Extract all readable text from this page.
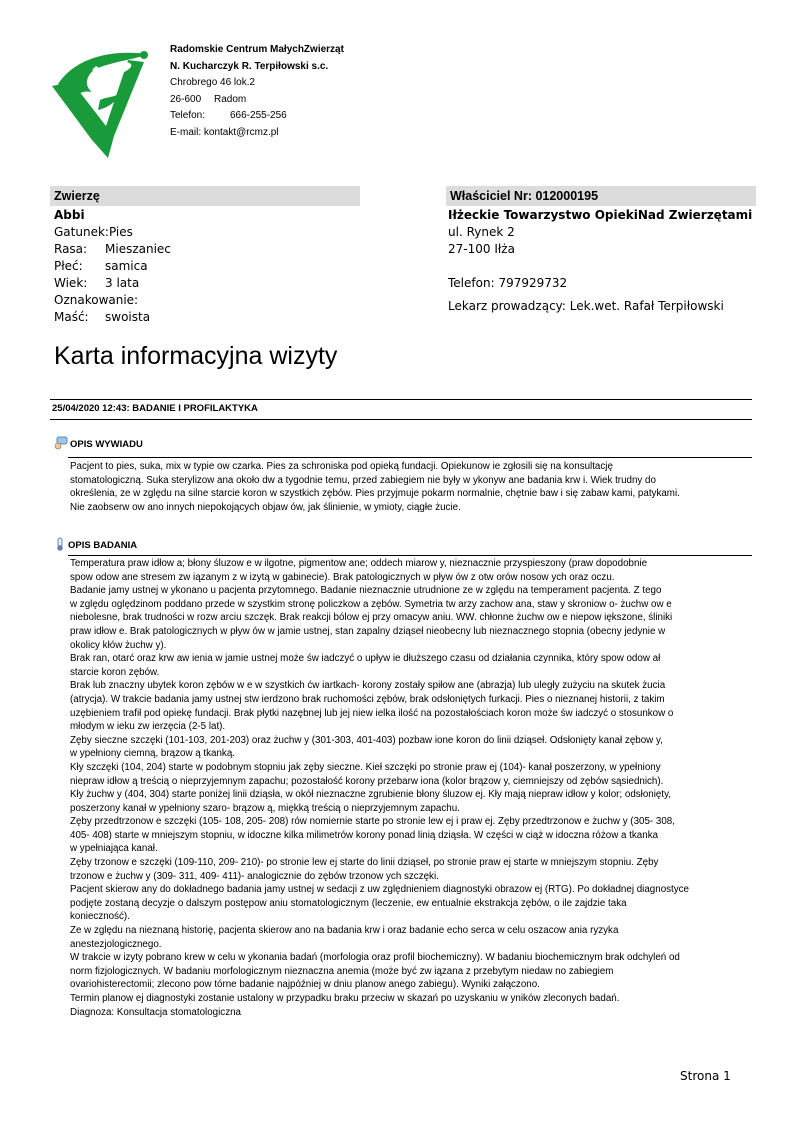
Radomskie Centrum MałychZwierząt
N. Kucharczyk R. Terpiłowski s.c.
Chrobrego 46 lok.2
26-600 Radom
Telefon: 666-255-256
E-mail: kontakt@rcmz.pl
Zwierzę	Właściciel Nr: 012000195
Abbi
Gatunek:Pies
Rasa: Mieszaniec
Płeć: samica
Wiek: 3 lata
Oznakowanie:
Maść: swoista
Iłżeckie Towarzystwo OpiekiNad Zwierzętami
ul. Rynek 2
27-100 Iłża
Telefon: 797929732
Lekarz prowadzący: Lek.wet. Rafał Terpiłowski
Karta informacyjna wizyty
25/04/2020 12:43: BADANIE I PROFILAKTYKA
OPIS WYWIADU
Pacjent to pies, suka, mix w typie ow czarka. Pies za schroniska pod opieką fundacji. Opiekunow ie zgłosili się na konsultację
stomatologiczną. Suka sterylizow ana około dw a tygodnie temu, przed zabiegiem nie były w ykonyw ane badania krw i. Wiek trudny do
określenia, ze w zględu na silne starcie koron w szystkich zębów. Pies przyjmuje pokarm normalnie, chętnie baw i się zabaw kami, patykami.
Nie zaobserw ow ano innych niepokojących objaw ów, jak ślinienie, w ymioty, ciągłe żucie.
OPIS BADANIA
Temperatura praw idłow a; błony śluzow e w ilgotne, pigmentow ane; oddech miarow y, nieznacznie przyspieszony (praw dopodobnie
spow odow ane stresem zw iązanym z w izytą w gabinecie). Brak patologicznych w pływ ów z otw orów nosow ych oraz oczu.
Badanie jamy ustnej w ykonano u pacjenta przytomnego. Badanie nieznacznie utrudnione ze w zględu na temperament pacjenta. Z tego
w zględu oględzinom poddano przede w szystkim stronę policzkow a zębów. Symetria tw arzy zachow ana, staw y skroniow o- żuchw ow e
niebolesne, brak trudności w rozw arciu szczęk. Brak reakcji bólow ej przy omacyw aniu. WW. chłonne żuchw ow e niepow iększone, śliniki
praw idłow e. Brak patologicznych w pływ ów w jamie ustnej, stan zapalny dziąseł nieobecny lub nieznacznego stopnia (obecny jedynie w
okolicy kłów żuchw y).
Brak ran, otarć oraz krw aw ienia w jamie ustnej może św iadczyć o upływ ie dłuższego czasu od działania czynnika, który spow odow ał
starcie koron zębów.
Brak lub znaczny ubytek koron zębów w e w szystkich ćw iartkach- korony zostały spiłow ane (abrazja) lub uległy zużyciu na skutek żucia
(atrycja). W trakcie badania jamy ustnej stw ierdzono brak ruchomości zębów, brak odsłoniętych furkacji. Pies o nieznanej historii, z takim
uzębieniem trafił pod opiekę fundacji. Brak płytki nazębnej lub jej niew ielka ilość na pozostałościach koron może św iadczyć o stosunkow o
młodym w ieku zw ierzęcia (2-5 lat).
Zęby sieczne szczęki (101-103, 201-203) oraz żuchw y (301-303, 401-403) pozbaw ione koron do linii dziąseł. Odsłonięty kanał zębow y,
w ypełniony ciemną, brązow ą tkanką.
Kły szczęki (104, 204) starte w podobnym stopniu jak zęby sieczne. Kieł szczęki po stronie praw ej (104)- kanał poszerzony, w ypełniony
niepraw idłow ą treścią o nieprzyjemnym zapachu; pozostałość korony przebarw iona (kolor brązow y, ciemniejszy od zębów sąsiednich).
Kły żuchw y (404, 304) starte poniżej linii dziąsła, w okół nieznaczne zgrubienie błony śluzow ej. Kły mają niepraw idłow y kolor; odsłonięty,
poszerzony kanał w ypełniony szaro- brązow ą, miękką treścią o nieprzyjemnym zapachu.
Zęby przedtrzonow e szczęki (105- 108, 205- 208) rów nomiernie starte po stronie lew ej i praw ej. Zęby przedtrzonow e żuchw y (305- 308,
405- 408) starte w mniejszym stopniu, w idoczne kilka milimetrów korony ponad linią dziąsła. W części w ciąż w idoczna różow a tkanka
w ypełniająca kanał.
Zęby trzonow e szczęki (109-110, 209- 210)- po stronie lew ej starte do linii dziąseł, po stronie praw ej starte w mniejszym stopniu. Zęby
trzonow e żuchw y (309- 311, 409- 411)- analogicznie do zębów trzonow ych szczęki.
Pacjent skierow any do dokładnego badania jamy ustnej w sedacji z uw zględnieniem diagnostyki obrazow ej (RTG). Po dokładnej diagnostyce
podjęte zostaną decyzje o dalszym postępow aniu stomatologicznym (leczenie, ew entualnie ekstrakcja zębów, o ile zajdzie taka
konieczność).
Ze w zględu na nieznaną historię, pacjenta skierow ano na badania krw i oraz badanie echo serca w celu oszacow ania ryzyka
anestezjologicznego.
W trakcie w izyty pobrano krew w celu w ykonania badań (morfologia oraz profil biochemiczny). W badaniu biochemicznym brak odchyleń od
norm fizjologicznych. W badaniu morfologicznym nieznaczna anemia (może być zw iązana z przebytym niedaw no zabiegiem
ovariohisterectomii; zlecono pow tórne badanie najpóźniej w dniu planow anego zabiegu). Wyniki załączono.
Termin planow ej diagnostyki zostanie ustalony w przypadku braku przeciw w skazań po uzyskaniu w yników zleconych badań.
Diagnoza: Konsultacja stomatologiczna
Strona 1
